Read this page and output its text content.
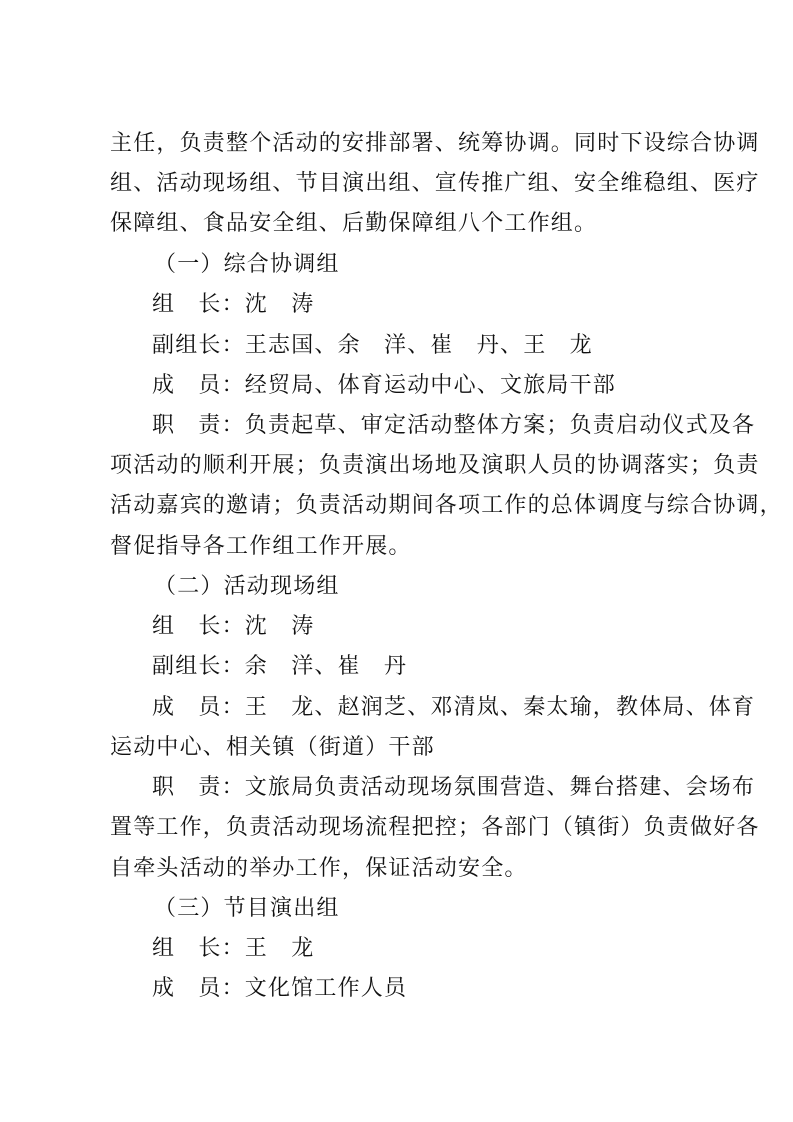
主任，负责整个活动的安排部署、统筹协调。同时下设综合协调
组、活动现场组、节目演出组、宣传推广组、安全维稳组、医疗
保障组、食品安全组、后勤保障组八个工作组。
（一）综合协调组
组　长：沈　涛
副组长：王志国、余　洋、崔　丹、王　龙
成　员：经贸局、体育运动中心、文旅局干部
职　责：负责起草、审定活动整体方案；负责启动仪式及各
项活动的顺利开展；负责演出场地及演职人员的协调落实；负责
活动嘉宾的邀请；负责活动期间各项工作的总体调度与综合协调，
督促指导各工作组工作开展。
（二）活动现场组
组　长：沈　涛
副组长：余　洋、崔　丹
成　员：王　龙、赵润芝、邓清岚、秦太瑜，教体局、体育
运动中心、相关镇（街道）干部
职　责：文旅局负责活动现场氛围营造、舞台搭建、会场布
置等工作，负责活动现场流程把控；各部门（镇街）负责做好各
自牵头活动的举办工作，保证活动安全。
（三）节目演出组
组　长：王　龙
成　员：文化馆工作人员
